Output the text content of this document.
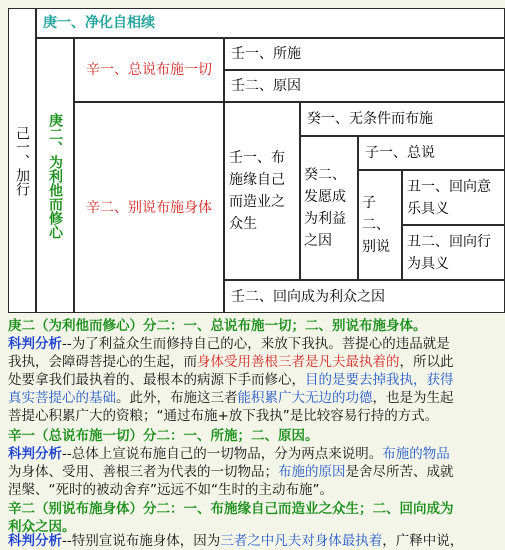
己一、加行
庚一、净化自相续
庚二、为利他而修心
辛一、总说布施一切
辛二、别说布施身体
壬一、所施
壬二、原因
壬一、布施缘自己而造业之众生
癸一、无条件而布施
癸二、发愿成为利益之因
子一、总说
子二、别说
丑一、回向意乐具义
丑二、回向行为具义
壬二、回向成为利众之因
庚二（为利他而修心）分二：一、总说布施一切；二、别说布施身体。
科判分析--为了利益众生而修持自己的心，来放下我执。菩提心的违品就是
我执，会障碍菩提心的生起，而身体受用善根三者是凡夫最执着的，所以此
处要拿我们最执着的、最根本的病源下手而修心，目的是要去掉我执，获得
真实菩提心的基础。此外，布施这三者能积累广大无边的功德，也是为生起
菩提心积累广大的资粮；“通过布施+放下我执”是比较容易行持的方式。
辛一（总说布施一切）分二：一、所施；二、原因。
科判分析--总体上宣说布施自己的一切物品，分为两点来说明。布施的物品
为身体、受用、善根三者为代表的一切物品；布施的原因是舍尽所苦、成就
涅槃、“死时的被动舍弃”远远不如“生时的主动布施”。
辛二（别说布施身体）分二：一、布施缘自己而造业之众生；二、回向成为
利众之因。
科判分析--特别宣说布施身体，因为三者之中凡夫对身体最执着，广释中说，
